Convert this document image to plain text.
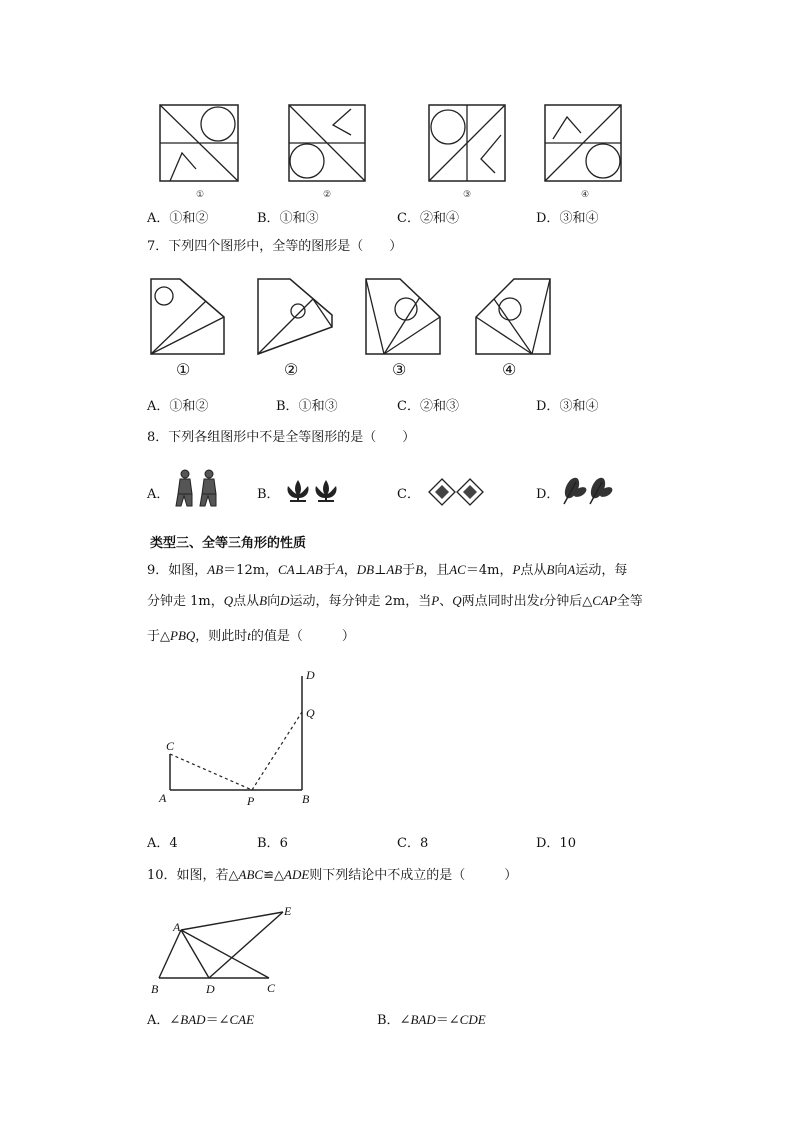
①	②	③	④
A．①和②	B．①和③	C．②和④	D．③和④
7．下列四个图形中，全等的图形是（　　）
①	②	③	④
A．①和②	B．①和③	C．②和③	D．③和④
8．下列各组图形中不是全等图形的是（　　）
A．	B．	C．	D．
类型三、全等三角形的性质
9．如图，AB＝12m，CA⊥AB于A，DB⊥AB于B，且AC＝4m，P点从B向A运动，每
分钟走 1m，Q点从B向D运动，每分钟走 2m，当P、Q两点同时出发t分钟后△CAP全等
于△PBQ，则此时t的值是（　　　）
D
Q
C
A	P	B
A．4	B．6	C．8	D．10
10．如图，若△ABC≌△ADE则下列结论中不成立的是（　　　）
A
E
B	D	C
A．∠BAD＝∠CAE	B．∠BAD＝∠CDE
